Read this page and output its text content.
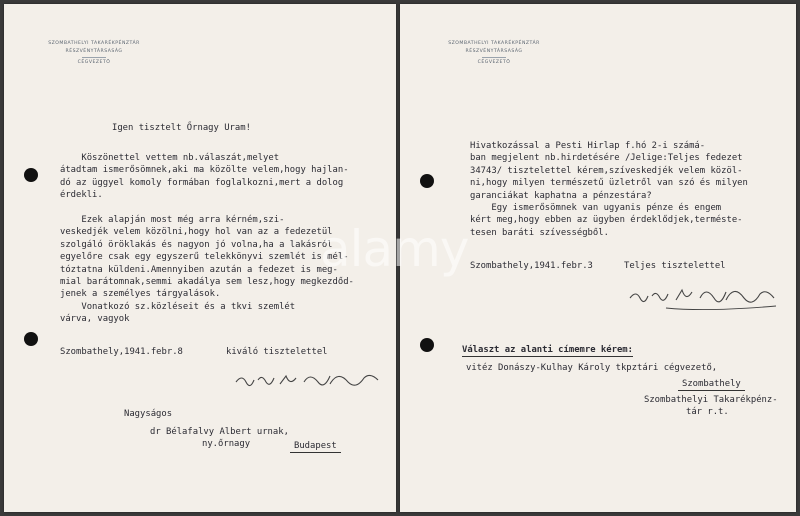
SZOMBATHELYI TAKARÉKPÉNZTÁR
RÉSZVÉNYTÁRSASÁG
CÉGVEZETŐ
Igen tisztelt Őrnagy Uram!
Köszönettel vettem nb.válaszát,melyet
átadtam ismerősömnek,aki ma közölte velem,hogy hajlan-
dó az üggyel komoly formában foglalkozni,mert a dolog
érdekli.

Ezek alapján most még arra kérném,szi-
veskedjék velem közölni,hogy hol van az a fedezetül
szolgáló öröklakás és nagyon jó volna,ha a lakásról
egyelőre csak egy egyszerű telekkönyvi szemlét is mél-
tóztatna küldeni.Amennyiben azután a fedezet is meg-
mial barátomnak,semmi akadálya sem lesz,hogy megkezdőd-
jenek a személyes tárgyalások.
Vonatkozó sz.közléseit és a tkvi szemlét
várva, vagyok
Szombathely,1941.febr.8	kiváló tisztelettel
Nagyságos
dr Bélafalvy Albert urnak,
ny.őrnagy	Budapest
SZOMBATHELYI TAKARÉKPÉNZTÁR
RÉSZVÉNYTÁRSASÁG
CÉGVEZETŐ
Hivatkozással a Pesti Hirlap f.hó 2-i számá-
ban megjelent nb.hirdetésére /Jelige:Teljes fedezet
34743/ tisztelettel kérem,szíveskedjék velem közöl-
ni,hogy milyen természetű üzletről van szó és milyen
garanciákat kaphatna a pénzestára?
Egy ismerősömnek van ugyanis pénze és engem
kért meg,hogy ebben az ügyben érdeklődjek,terméste-
tesen baráti szívességből.
Szombathely,1941.febr.3	Teljes tisztelettel
Választ az alanti címemre kérem:
vitéz Donászy-Kulhay Károly tkpztári cégvezető,
Szombathely
Szombathelyi Takarékpénz-
tár r.t.
alamy
